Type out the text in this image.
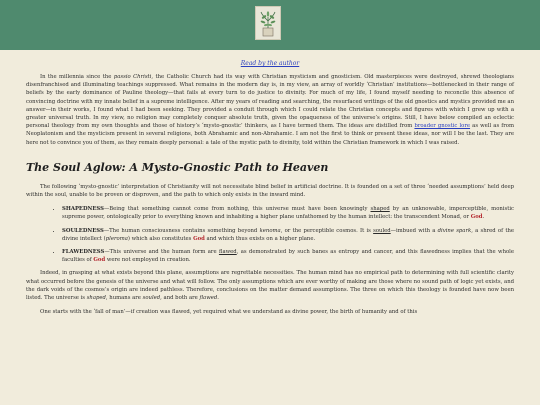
Read by the author

In the millennia since the passio Christi, the Catholic Church had its way with Christian mysticism and gnosticism. Old masterpieces were destroyed, shrewd theologians disenfranchised and illuminating teachings suppressed. What remains in the modern day is, in my view, an array of worldly ‘Christian’ institutions—bottlenecked in their range of beliefs by the early dominance of Pauline theology—that fails at every turn to do justice to divinity. For much of my life, I found myself needing to reconcile this absence of convincing doctrine with my innate belief in a supreme intelligence. After my years of reading and searching, the resurfaced writings of the old gnostics and mystics provided me an answer—in their works, I found what I had been seeking. They provided a conduit through which I could relate the Christian concepts and figures with which I grew up with a greater universal truth. In my view, no religion may completely conquer absolute truth, given the opaqueness of the universe’s origins. Still, I have below compiled an eclectic personal theology from my own thoughts and those of history’s ‘mysto-gnostic’ thinkers, as I have termed them. The ideas are distilled from broader gnostic lore as well as from Neoplatonism and the mysticism present in several religions, both Abrahamic and non-Abrahamic. I am not the first to think or present these ideas, nor will I be the last. They are here not to convince you of them, as they remain deeply personal: a tale of the mystic path to divinity, told within the Christian framework in which I was raised.

The Soul Aglow: A Mysto-Gnostic Path to Heaven

The following ‘mysto-gnostic’ interpretation of Christianity will not necessitate blind belief in artificial doctrine. It is founded on a set of three ‘needed assumptions’ held deep within the soul, unable to be proven or disproven, and the path to which only exists in the inward mind.

• SHAPEDNESS—Being that something cannot come from nothing, this universe must have been knowingly shaped by an unknowable, imperceptible, monistic supreme power, ontologically prior to everything known and inhabiting a higher plane unfathomed by the human intellect: the transcendent Monad, or God.
• SOULEDNESS—The human consciousness contains something beyond kenoma, or the perceptible cosmos. It is souled—imbued with a divine spark, a shred of the divine intellect (pleroma) which also constitutes God and which thus exists on a higher plane.
• FLAWEDNESS—This universe and the human form are flawed, as demonstrated by such banes as entropy and cancer, and this flawedness implies that the whole faculties of God were not employed in creation.

Indeed, in grasping at what exists beyond this plane, assumptions are regrettable necessities. The human mind has no empirical path to determining with full scientific clarity what occurred before the genesis of the universe and what will follow. The only assumptions which are ever worthy of making are those where no sound path of logic yet exists, and the dark voids of the cosmos’s origin are indeed pathless. Therefore, conclusions on the matter demand assumptions. The three on which this theology is founded have now been listed. The universe is shaped, humans are souled, and both are flawed.

One starts with the ‘fall of man’—if creation was flawed, yet required what we understand as divine power, the birth of humanity and of this
